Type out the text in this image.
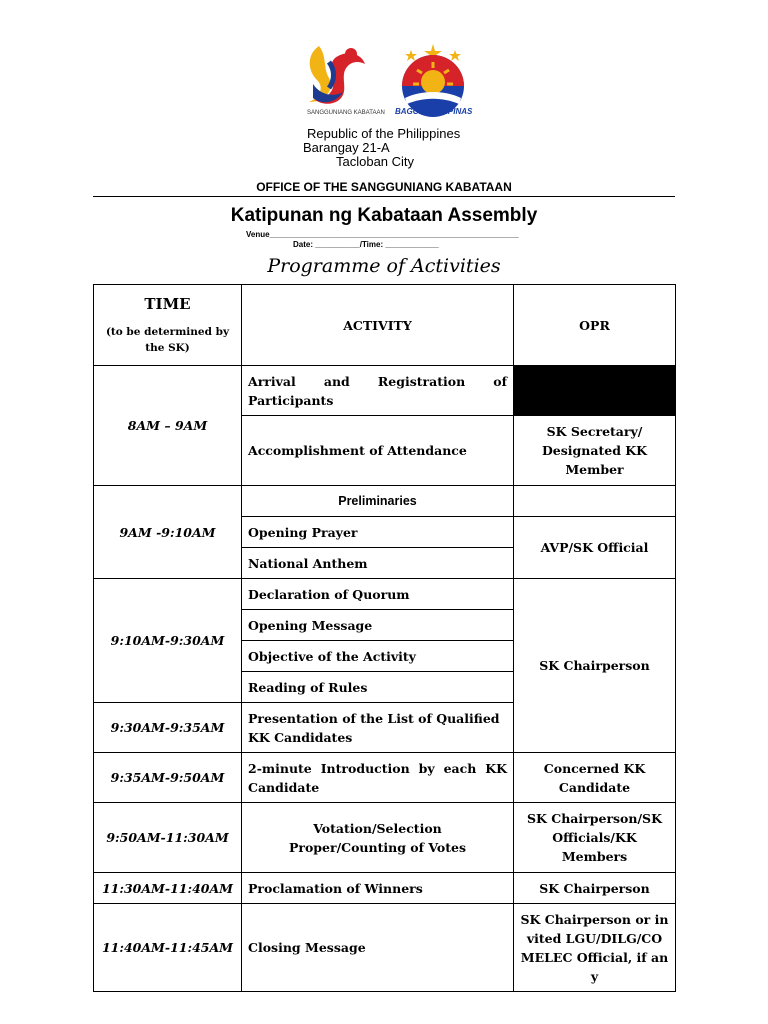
SANGGUNIANG KABATAAN BAGONG PILIPINAS
Republic of the Philippines
Barangay 21-A
Tacloban City
OFFICE OF THE SANGGUNIANG KABATAAN
Katipunan ng Kabataan Assembly
Venue________________________________________________________
Date: __________/Time: ____________
Programme of Activities
TIME
(to be determined by the SK)	ACTIVITY	OPR
8AM – 9AM	Arrival and Registration of Participants	
	Accomplishment of Attendance	SK Secretary/ Designated KK Member
9AM -9:10AM	Preliminaries	
	Opening Prayer	AVP/SK Official
	National Anthem	
9:10AM-9:30AM	Declaration of Quorum	SK Chairperson
	Opening Message	
	Objective of the Activity	
	Reading of Rules	
9:30AM-9:35AM	Presentation of the List of Qualified KK Candidates	
9:35AM-9:50AM	2-minute Introduction by each KK Candidate	Concerned KK Candidate
9:50AM-11:30AM	Votation/Selection Proper/Counting of Votes	SK Chairperson/SK Officials/KK Members
11:30AM-11:40AM	Proclamation of Winners	SK Chairperson
11:40AM-11:45AM	Closing Message	SK Chairperson or invited LGU/DILG/COMELEC Official, if any
